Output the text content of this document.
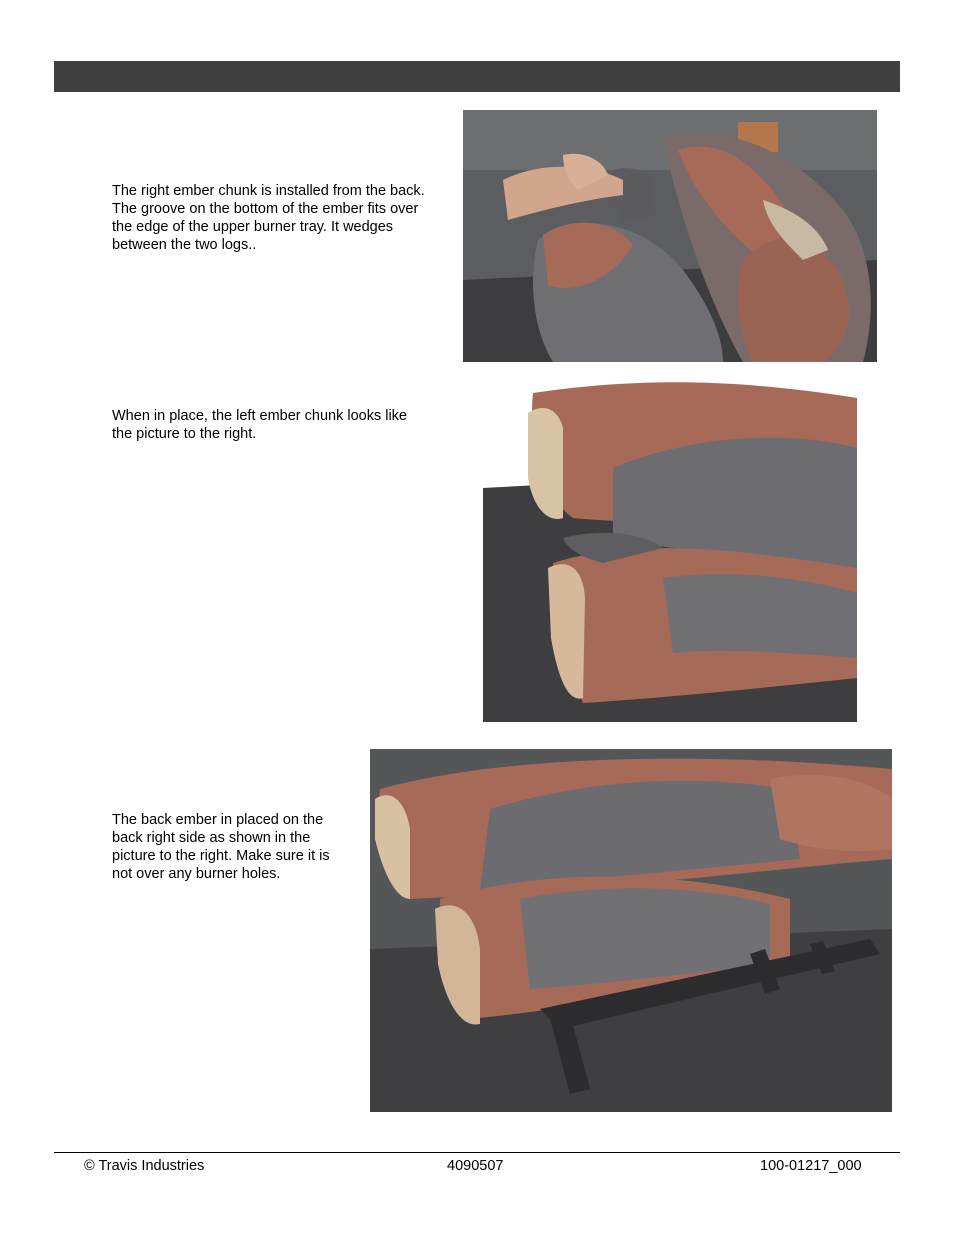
The right ember chunk is installed from the back. The groove on the bottom of the ember fits over the edge of the upper burner tray. It wedges between the two logs..

When in place, the left ember chunk looks like the picture to the right.

The back ember in placed on the back right side as shown in the picture to the right. Make sure it is not over any burner holes.

© Travis Industries	4090507	100-01217_000
